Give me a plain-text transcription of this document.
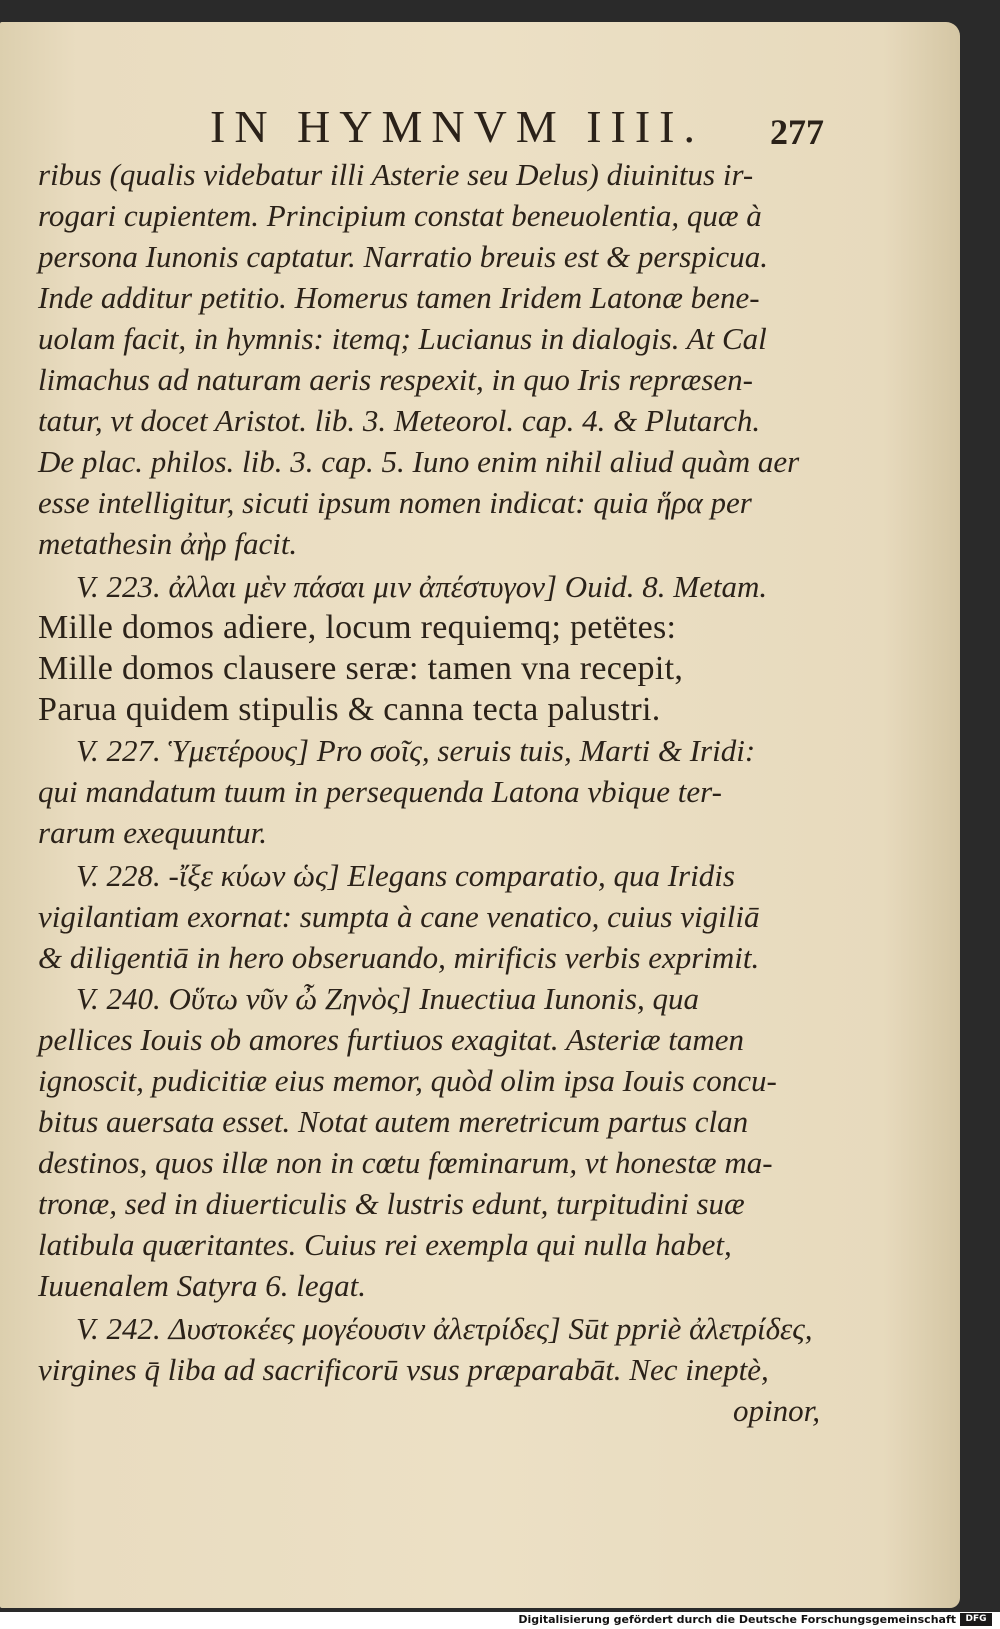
IN HYMNVM IIII. 277
ribus (qualis videbatur illi Asterie seu Delus) diuinitus ir-
rogari cupientem. Principium constat beneuolentia, quæ à
persona Iunonis captatur. Narratio breuis est & perspicua.
Inde additur petitio. Homerus tamen Iridem Latonæ bene-
uolam facit, in hymnis: itemq; Lucianus in dialogis. At Cal
limachus ad naturam aeris respexit, in quo Iris repræsen-
tatur, vt docet Aristot. lib. 3. Meteorol. cap. 4. & Plutarch.
De plac. philos. lib. 3. cap. 5. Iuno enim nihil aliud quàm aer
esse intelligitur, sicuti ipsum nomen indicat: quia ἥρα per
metathesin ἀὴρ facit.
V. 223. ἀλλαι μὲν πάσαι μιν ἀπέστυγον] Ouid. 8. Metam.
Mille domos adiere, locum requiemq; petëtes:
Mille domos clausere seræ: tamen vna recepit,
Parua quidem stipulis & canna tecta palustri.
V. 227. Ὑμετέρους] Pro σοῖς, seruis tuis, Marti & Iridi:
qui mandatum tuum in persequenda Latona vbique ter-
rarum exequuntur.
V. 228. -ἴξε κύων ὡς] Elegans comparatio, qua Iridis
vigilantiam exornat: sumpta à cane venatico, cuius vigiliā
& diligentiā in hero obseruando, mirificis verbis exprimit.
V. 240. Οὕτω νῦν ὦ Ζηνὸς] Inuectiua Iunonis, qua
pellices Iouis ob amores furtiuos exagitat. Asteriæ tamen
ignoscit, pudicitiæ eius memor, quòd olim ipsa Iouis concu-
bitus auersata esset. Notat autem meretricum partus clan
destinos, quos illæ non in cœtu fœminarum, vt honestæ ma-
tronæ, sed in diuerticulis & lustris edunt, turpitudini suæ
latibula quæritantes. Cuius rei exempla qui nulla habet,
Iuuenalem Satyra 6. legat.
V. 242. Δυστοκέες μογέουσιν ἀλετρίδες] Sūt ppriè ἀλετρίδες,
virgines q̄ liba ad sacrificorū vsus præparabāt. Nec ineptè,
opinor,
Digitalisierung gefördert durch die Deutsche Forschungsgemeinschaft	DFG
